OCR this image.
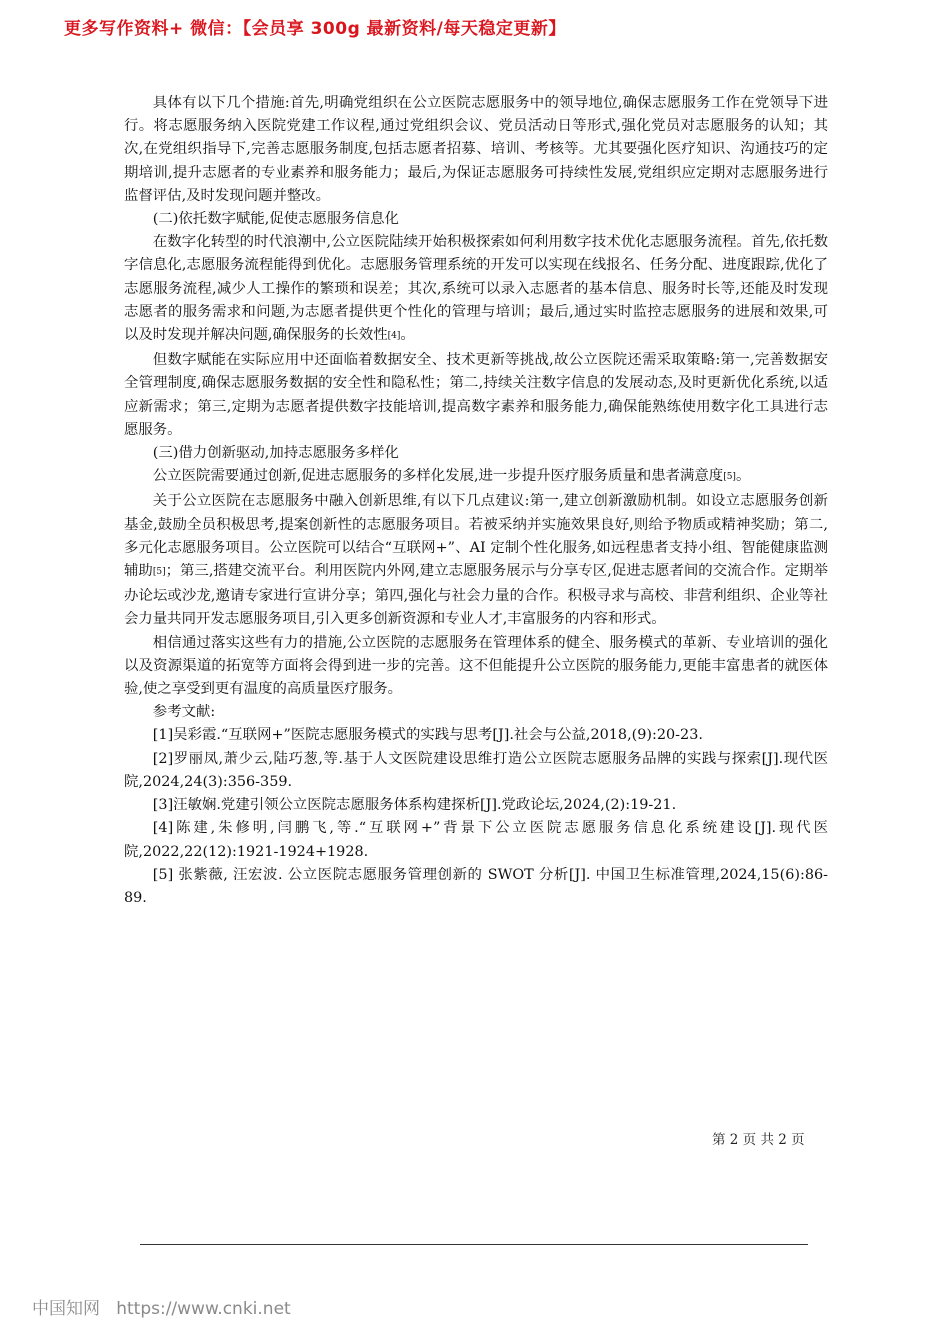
更多写作资料+ 微信：【会员享 300g 最新资料/每天稳定更新】

具体有以下几个措施:首先,明确党组织在公立医院志愿服务中的领导地位,确保志愿服务工作在党领导下进行。将志愿服务纳入医院党建工作议程,通过党组织会议、党员活动日等形式,强化党员对志愿服务的认知；其次,在党组织指导下,完善志愿服务制度,包括志愿者招募、培训、考核等。尤其要强化医疗知识、沟通技巧的定期培训,提升志愿者的专业素养和服务能力；最后,为保证志愿服务可持续性发展,党组织应定期对志愿服务进行监督评估,及时发现问题并整改。

(二)依托数字赋能,促使志愿服务信息化

在数字化转型的时代浪潮中,公立医院陆续开始积极探索如何利用数字技术优化志愿服务流程。首先,依托数字信息化,志愿服务流程能得到优化。志愿服务管理系统的开发可以实现在线报名、任务分配、进度跟踪,优化了志愿服务流程,减少人工操作的繁琐和误差；其次,系统可以录入志愿者的基本信息、服务时长等,还能及时发现志愿者的服务需求和问题,为志愿者提供更个性化的管理与培训；最后,通过实时监控志愿服务的进展和效果,可以及时发现并解决问题,确保服务的长效性[4]。

但数字赋能在实际应用中还面临着数据安全、技术更新等挑战,故公立医院还需采取策略:第一,完善数据安全管理制度,确保志愿服务数据的安全性和隐私性；第二,持续关注数字信息的发展动态,及时更新优化系统,以适应新需求；第三,定期为志愿者提供数字技能培训,提高数字素养和服务能力,确保能熟练使用数字化工具进行志愿服务。

(三)借力创新驱动,加持志愿服务多样化

公立医院需要通过创新,促进志愿服务的多样化发展,进一步提升医疗服务质量和患者满意度[5]。

关于公立医院在志愿服务中融入创新思维,有以下几点建议:第一,建立创新激励机制。如设立志愿服务创新基金,鼓励全员积极思考,提案创新性的志愿服务项目。若被采纳并实施效果良好,则给予物质或精神奖励；第二,多元化志愿服务项目。公立医院可以结合“互联网+”、AI 定制个性化服务,如远程患者支持小组、智能健康监测辅助[5]；第三,搭建交流平台。利用医院内外网,建立志愿服务展示与分享专区,促进志愿者间的交流合作。定期举办论坛或沙龙,邀请专家进行宣讲分享；第四,强化与社会力量的合作。积极寻求与高校、非营利组织、企业等社会力量共同开发志愿服务项目,引入更多创新资源和专业人才,丰富服务的内容和形式。

相信通过落实这些有力的措施,公立医院的志愿服务在管理体系的健全、服务模式的革新、专业培训的强化以及资源渠道的拓宽等方面将会得到进一步的完善。这不但能提升公立医院的服务能力,更能丰富患者的就医体验,使之享受到更有温度的高质量医疗服务。

参考文献:

[1]吴彩霞.“互联网+”医院志愿服务模式的实践与思考[J].社会与公益,2018,(9):20-23.

[2]罗丽凤,萧少云,陆巧葱,等.基于人文医院建设思维打造公立医院志愿服务品牌的实践与探索[J].现代医院,2024,24(3):356-359.

[3]汪敏娴.党建引领公立医院志愿服务体系构建探析[J].党政论坛,2024,(2):19-21.

[4]陈建,朱修明,闫鹏飞,等.“互联网+”背景下公立医院志愿服务信息化系统建设[J].现代医院,2022,22(12):1921-1924+1928.

[5] 张紫薇, 汪宏波. 公立医院志愿服务管理创新的 SWOT 分析[J]. 中国卫生标准管理,2024,15(6):86-89.

第 2 页 共 2 页
中国知网   https://www.cnki.net
